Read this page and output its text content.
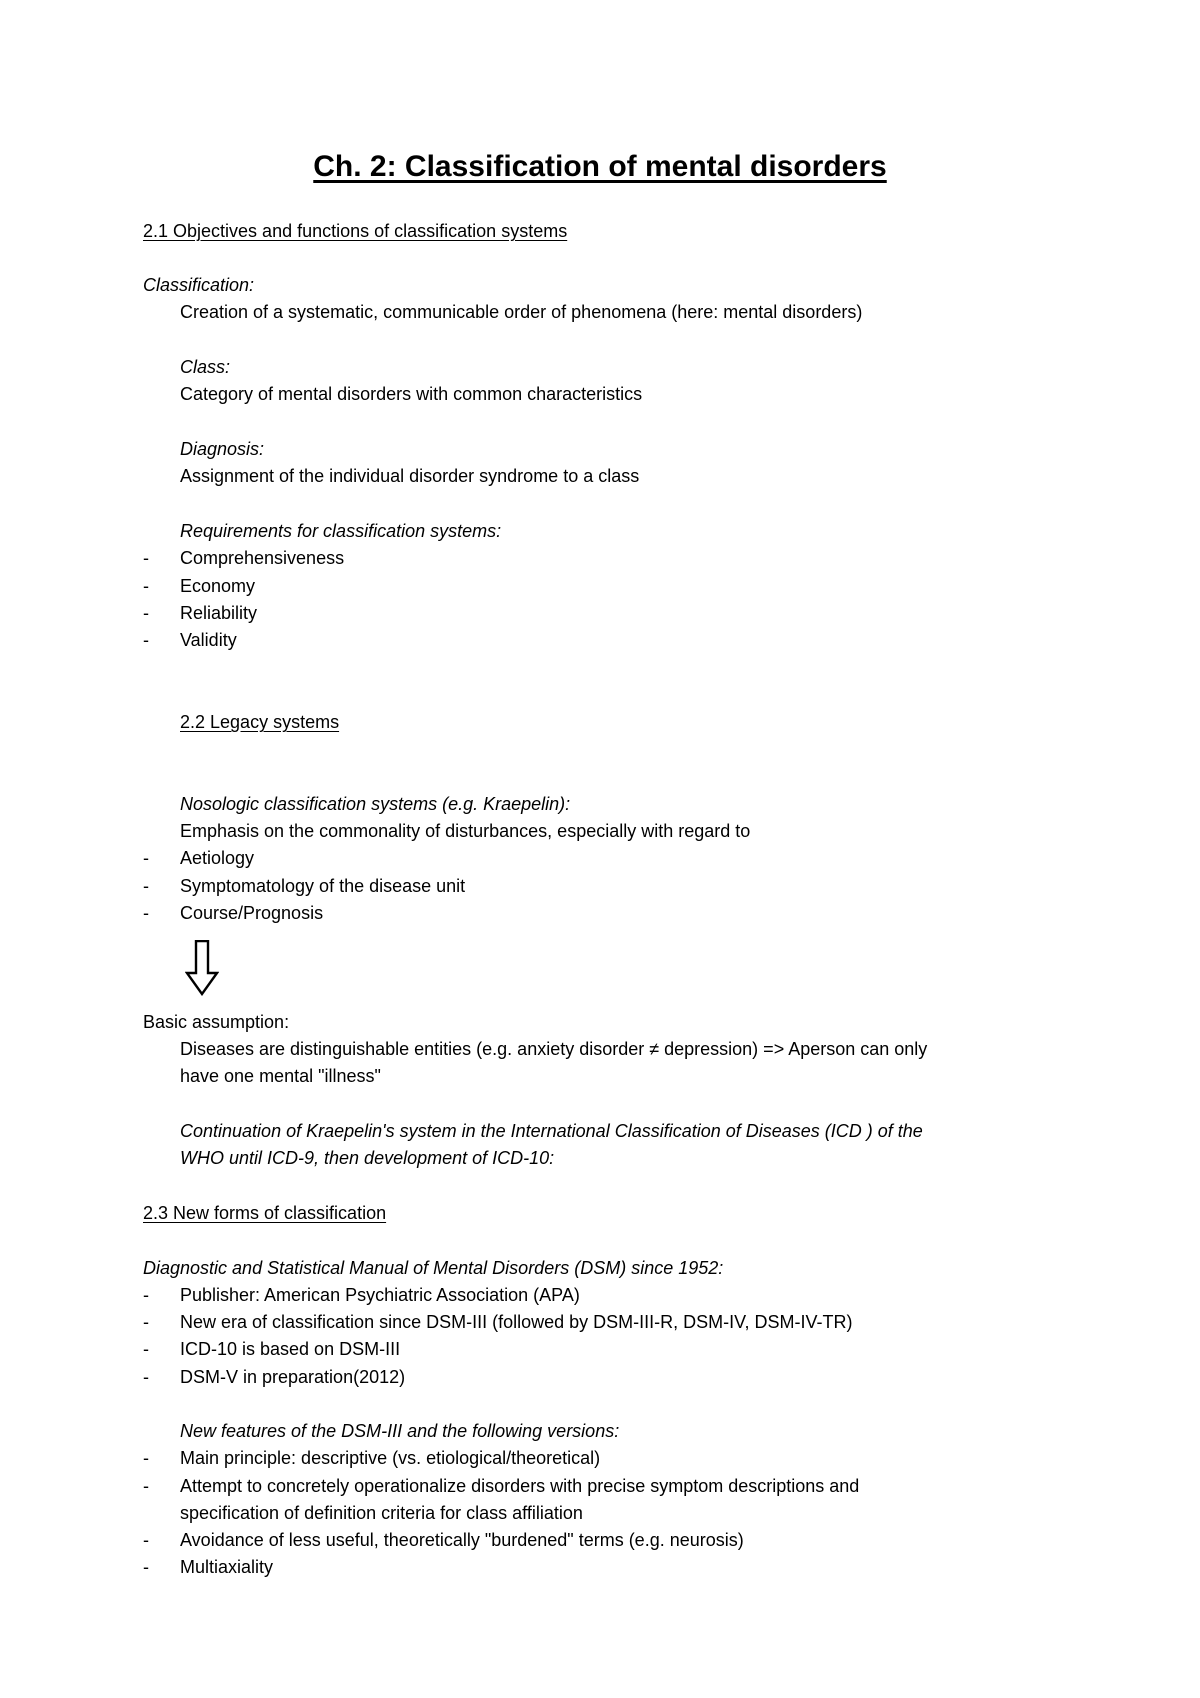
Ch. 2: Classification of mental disorders
2.1 Objectives and functions of classification systems
Classification:
Creation of a systematic, communicable order of phenomena (here: mental disorders)
Class:
Category of mental disorders with common characteristics
Diagnosis:
Assignment of the individual disorder syndrome to a class
Requirements for classification systems:
- Comprehensiveness
- Economy
- Reliability
- Validity
2.2 Legacy systems
Nosologic classification systems (e.g. Kraepelin):
Emphasis on the commonality of disturbances, especially with regard to
- Aetiology
- Symptomatology of the disease unit
- Course/Prognosis
Basic assumption:
Diseases are distinguishable entities (e.g. anxiety disorder ≠ depression) => Aperson can only
have one mental "illness"
Continuation of Kraepelin's system in the International Classification of Diseases (ICD ) of the
WHO until ICD-9, then development of ICD-10:
2.3 New forms of classification
Diagnostic and Statistical Manual of Mental Disorders (DSM) since 1952:
- Publisher: American Psychiatric Association (APA)
- New era of classification since DSM-III (followed by DSM-III-R, DSM-IV, DSM-IV-TR)
- ICD-10 is based on DSM-III
- DSM-V in preparation(2012)
New features of the DSM-III and the following versions:
- Main principle: descriptive (vs. etiological/theoretical)
- Attempt to concretely operationalize disorders with precise symptom descriptions and
specification of definition criteria for class affiliation
- Avoidance of less useful, theoretically "burdened" terms (e.g. neurosis)
- Multiaxiality
